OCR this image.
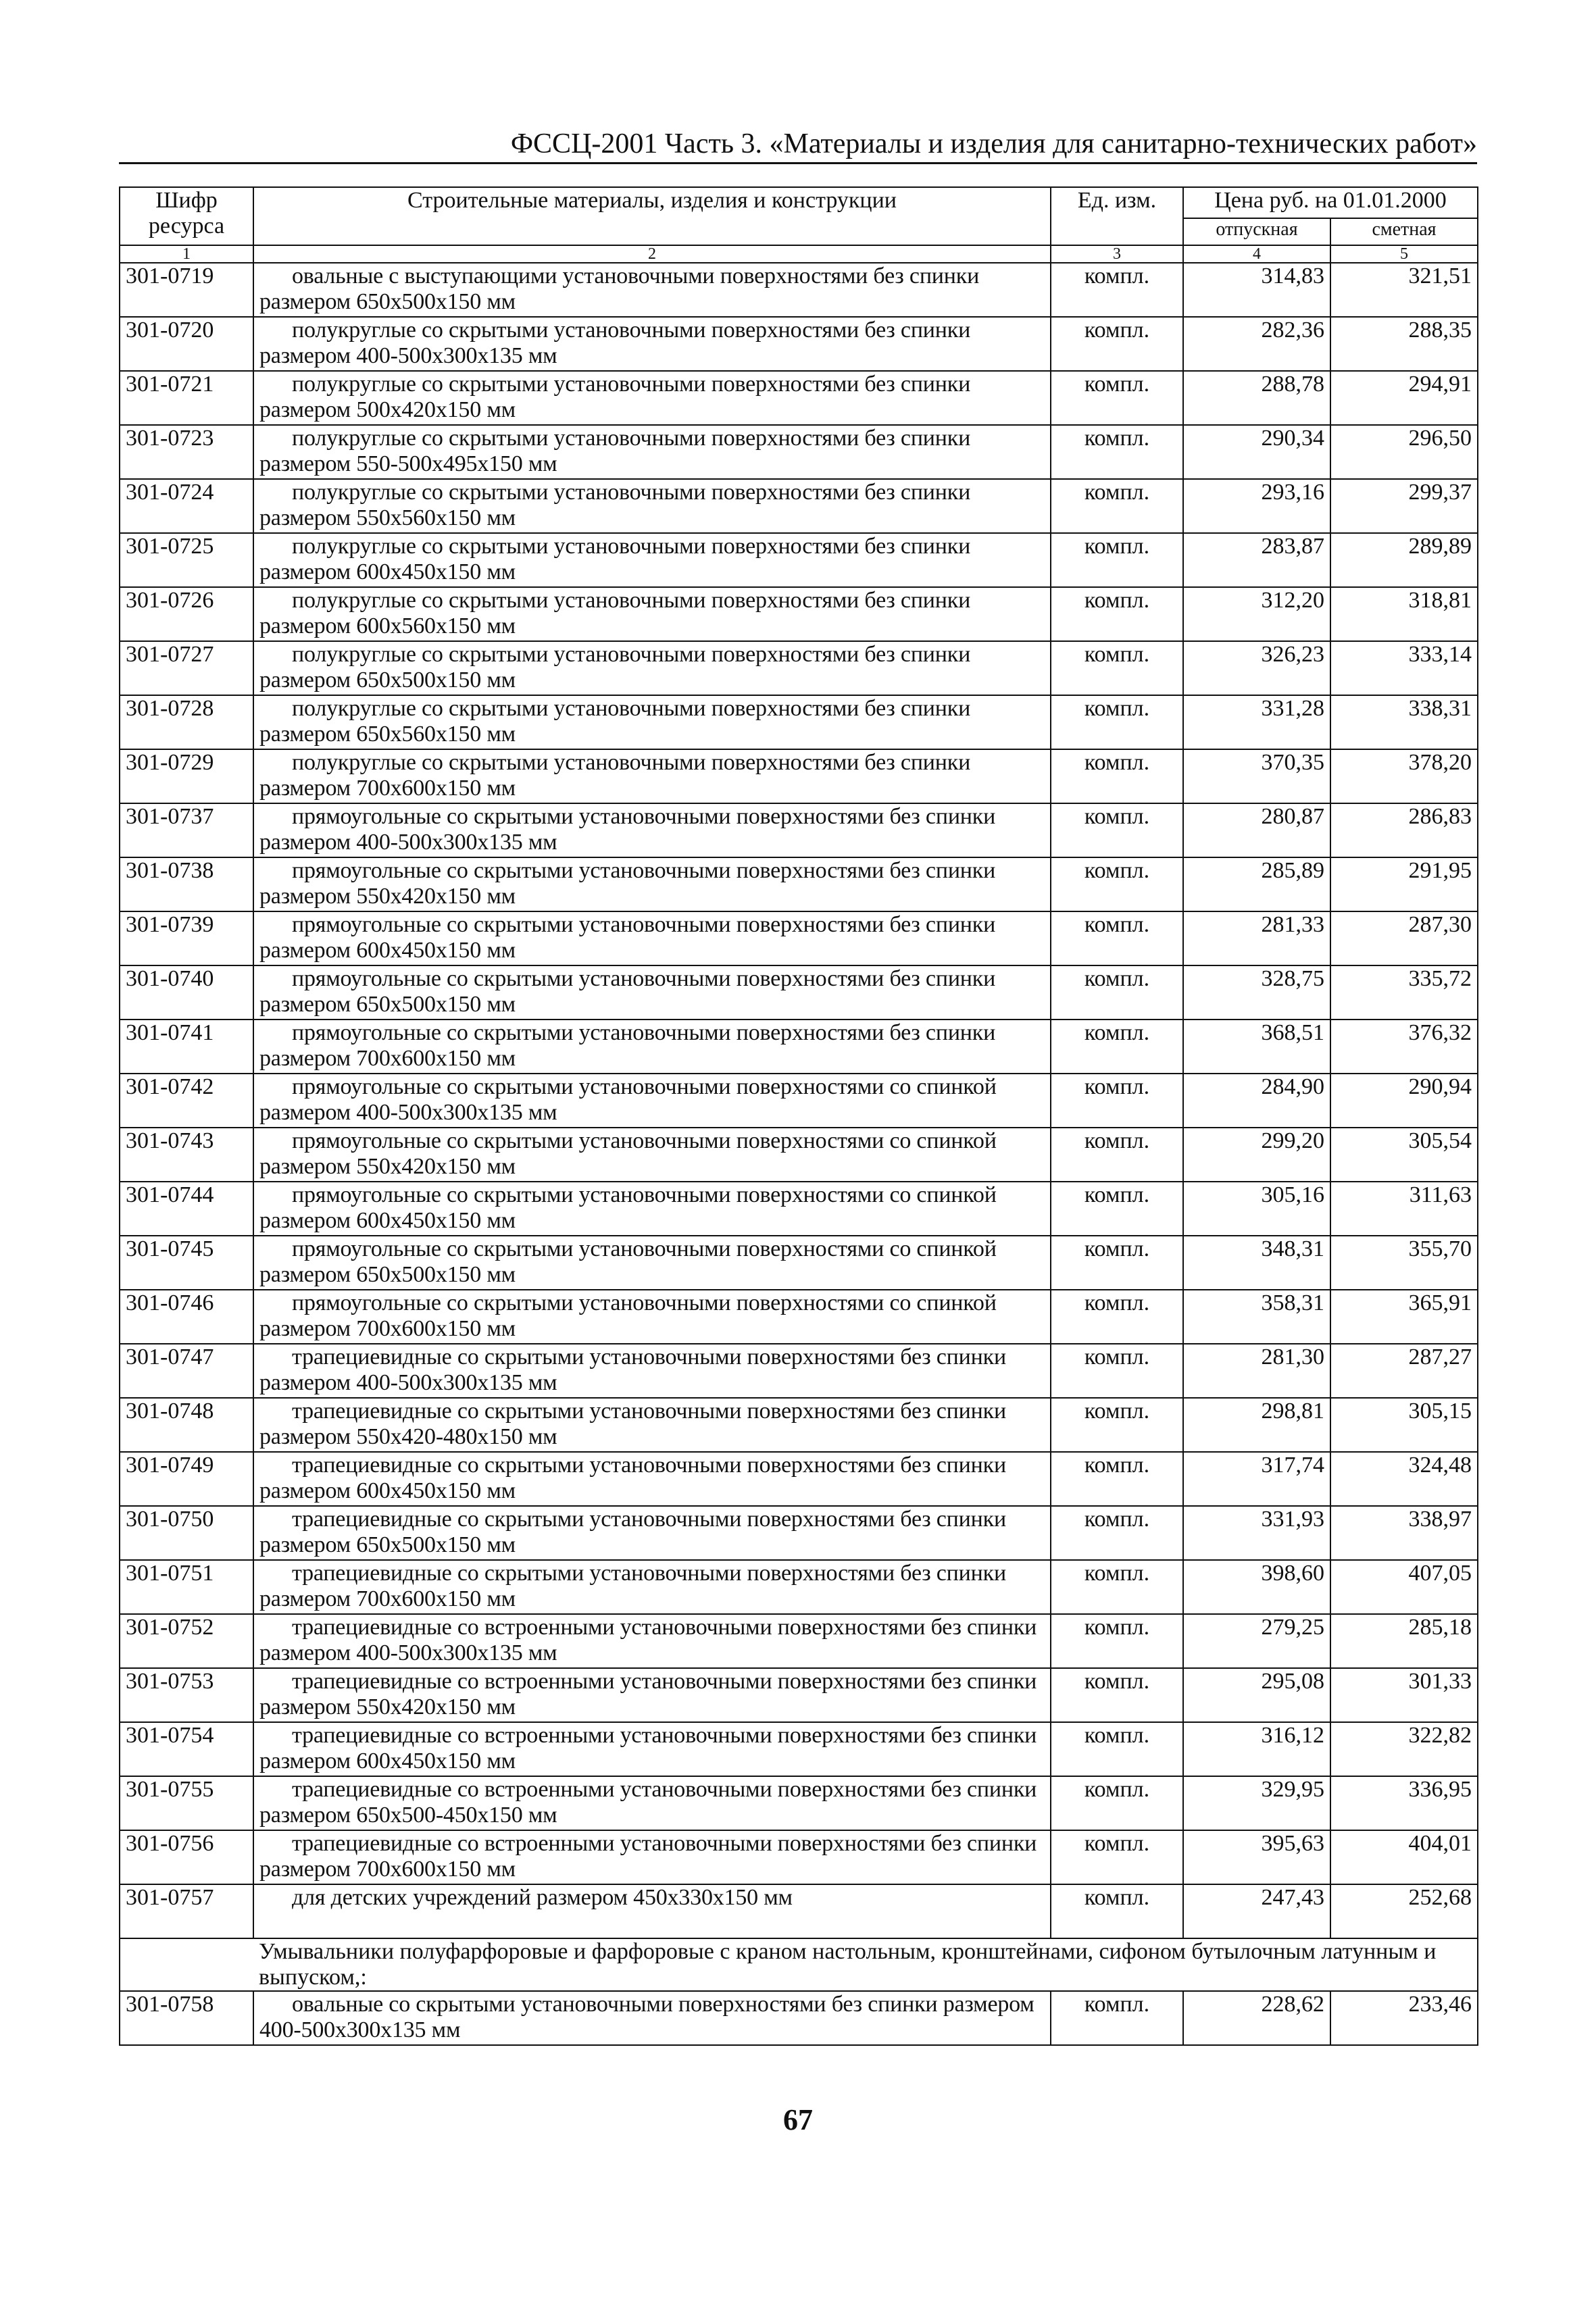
ФССЦ-2001 Часть 3. «Материалы и изделия для санитарно-технических работ»
Шифр ресурса	Строительные материалы, изделия и конструкции	Ед. изм.	Цена руб. на 01.01.2000	
			отпускная	сметная
1	2	3	4	5
301-0719	овальные с выступающими установочными поверхностями без спинки размером 650x500x150 мм	компл.	314,83	321,51
301-0720	полукруглые со скрытыми установочными поверхностями без спинки размером 400-500x300x135 мм	компл.	282,36	288,35
301-0721	полукруглые со скрытыми установочными поверхностями без спинки размером 500x420x150 мм	компл.	288,78	294,91
301-0723	полукруглые со скрытыми установочными поверхностями без спинки размером 550-500x495x150 мм	компл.	290,34	296,50
301-0724	полукруглые со скрытыми установочными поверхностями без спинки размером 550x560x150 мм	компл.	293,16	299,37
301-0725	полукруглые со скрытыми установочными поверхностями без спинки размером 600x450x150 мм	компл.	283,87	289,89
301-0726	полукруглые со скрытыми установочными поверхностями без спинки размером 600x560x150 мм	компл.	312,20	318,81
301-0727	полукруглые со скрытыми установочными поверхностями без спинки размером 650x500x150 мм	компл.	326,23	333,14
301-0728	полукруглые со скрытыми установочными поверхностями без спинки размером 650x560x150 мм	компл.	331,28	338,31
301-0729	полукруглые со скрытыми установочными поверхностями без спинки размером 700x600x150 мм	компл.	370,35	378,20
301-0737	прямоугольные со скрытыми установочными поверхностями без спинки размером 400-500x300x135 мм	компл.	280,87	286,83
301-0738	прямоугольные со скрытыми установочными поверхностями без спинки размером 550x420x150 мм	компл.	285,89	291,95
301-0739	прямоугольные со скрытыми установочными поверхностями без спинки размером 600x450x150 мм	компл.	281,33	287,30
301-0740	прямоугольные со скрытыми установочными поверхностями без спинки размером 650x500x150 мм	компл.	328,75	335,72
301-0741	прямоугольные со скрытыми установочными поверхностями без спинки размером 700x600x150 мм	компл.	368,51	376,32
301-0742	прямоугольные со скрытыми установочными поверхностями со спинкой размером 400-500x300x135 мм	компл.	284,90	290,94
301-0743	прямоугольные со скрытыми установочными поверхностями со спинкой размером 550x420x150 мм	компл.	299,20	305,54
301-0744	прямоугольные со скрытыми установочными поверхностями со спинкой размером 600x450x150 мм	компл.	305,16	311,63
301-0745	прямоугольные со скрытыми установочными поверхностями со спинкой размером 650x500x150 мм	компл.	348,31	355,70
301-0746	прямоугольные со скрытыми установочными поверхностями со спинкой размером 700x600x150 мм	компл.	358,31	365,91
301-0747	трапециевидные со скрытыми установочными поверхностями без спинки размером 400-500x300x135 мм	компл.	281,30	287,27
301-0748	трапециевидные со скрытыми установочными поверхностями без спинки размером 550x420-480x150 мм	компл.	298,81	305,15
301-0749	трапециевидные со скрытыми установочными поверхностями без спинки размером 600x450x150 мм	компл.	317,74	324,48
301-0750	трапециевидные со скрытыми установочными поверхностями без спинки размером 650x500x150 мм	компл.	331,93	338,97
301-0751	трапециевидные со скрытыми установочными поверхностями без спинки размером 700x600x150 мм	компл.	398,60	407,05
301-0752	трапециевидные со встроенными установочными поверхностями без спинки размером 400-500x300x135 мм	компл.	279,25	285,18
301-0753	трапециевидные со встроенными установочными поверхностями без спинки размером 550x420x150 мм	компл.	295,08	301,33
301-0754	трапециевидные со встроенными установочными поверхностями без спинки размером 600x450x150 мм	компл.	316,12	322,82
301-0755	трапециевидные со встроенными установочными поверхностями без спинки размером 650x500-450x150 мм	компл.	329,95	336,95
301-0756	трапециевидные со встроенными установочными поверхностями без спинки размером 700x600x150 мм	компл.	395,63	404,01
301-0757	для детских учреждений размером 450x330x150 мм	компл.	247,43	252,68
	Умывальники полуфарфоровые и фарфоровые с краном настольным, кронштейнами, сифоном бутылочным латунным и выпуском,:			
301-0758	овальные со скрытыми установочными поверхностями без спинки размером 400-500x300x135 мм	компл.	228,62	233,46
67
